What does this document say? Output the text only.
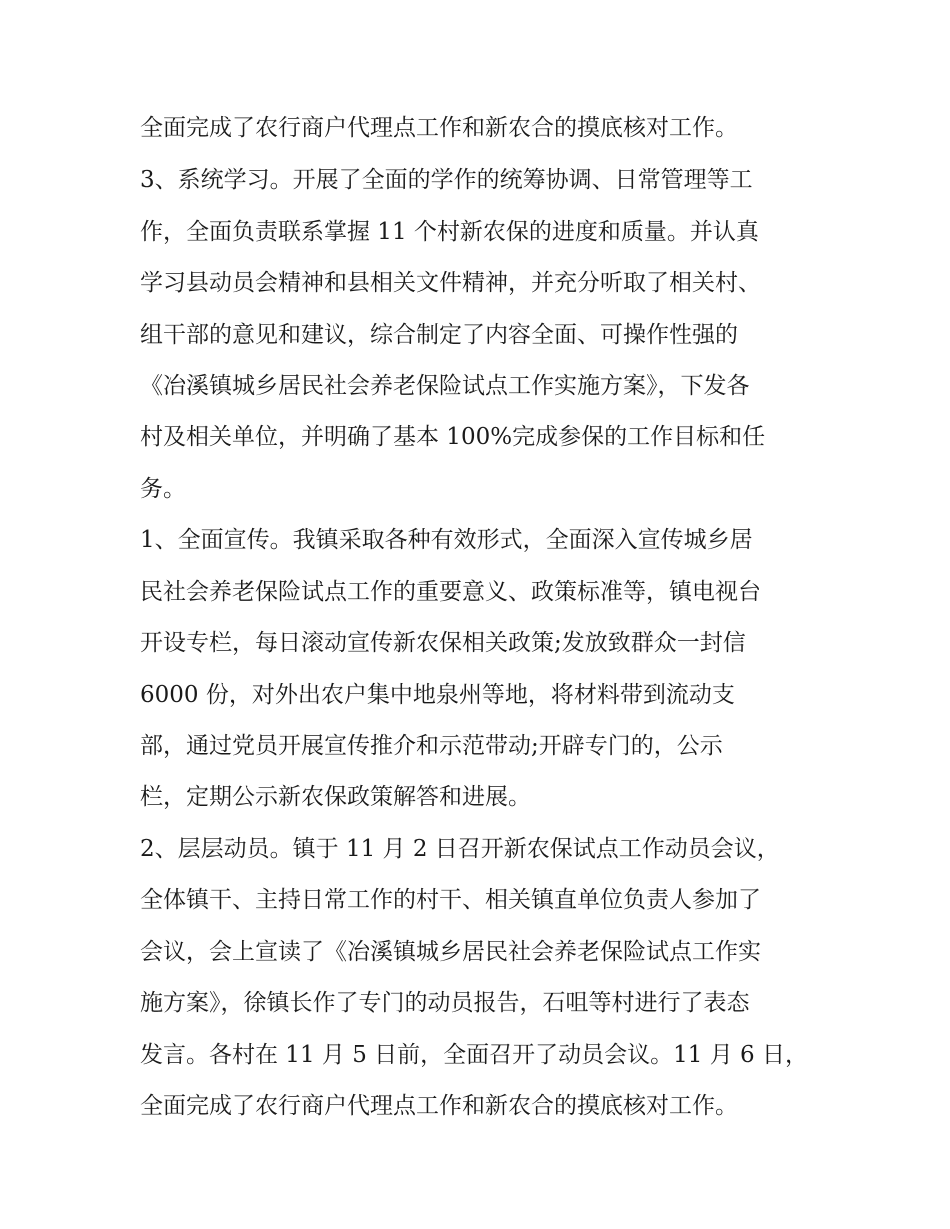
全面完成了农行商户代理点工作和新农合的摸底核对工作。
3、系统学习。开展了全面的学作的统筹协调、日常管理等工
作，全面负责联系掌握 11 个村新农保的进度和质量。并认真
学习县动员会精神和县相关文件精神，并充分听取了相关村、
组干部的意见和建议，综合制定了内容全面、可操作性强的
《冶溪镇城乡居民社会养老保险试点工作实施方案》，下发各
村及相关单位，并明确了基本 100%完成参保的工作目标和任
务。
1、全面宣传。我镇采取各种有效形式，全面深入宣传城乡居
民社会养老保险试点工作的重要意义、政策标准等，镇电视台
开设专栏，每日滚动宣传新农保相关政策;发放致群众一封信
6000 份，对外出农户集中地泉州等地，将材料带到流动支
部，通过党员开展宣传推介和示范带动;开辟专门的，公示
栏，定期公示新农保政策解答和进展。
2、层层动员。镇于 11 月 2 日召开新农保试点工作动员会议，
全体镇干、主持日常工作的村干、相关镇直单位负责人参加了
会议，会上宣读了《冶溪镇城乡居民社会养老保险试点工作实
施方案》，徐镇长作了专门的动员报告，石咀等村进行了表态
发言。各村在 11 月 5 日前，全面召开了动员会议。11 月 6 日，
全面完成了农行商户代理点工作和新农合的摸底核对工作。
